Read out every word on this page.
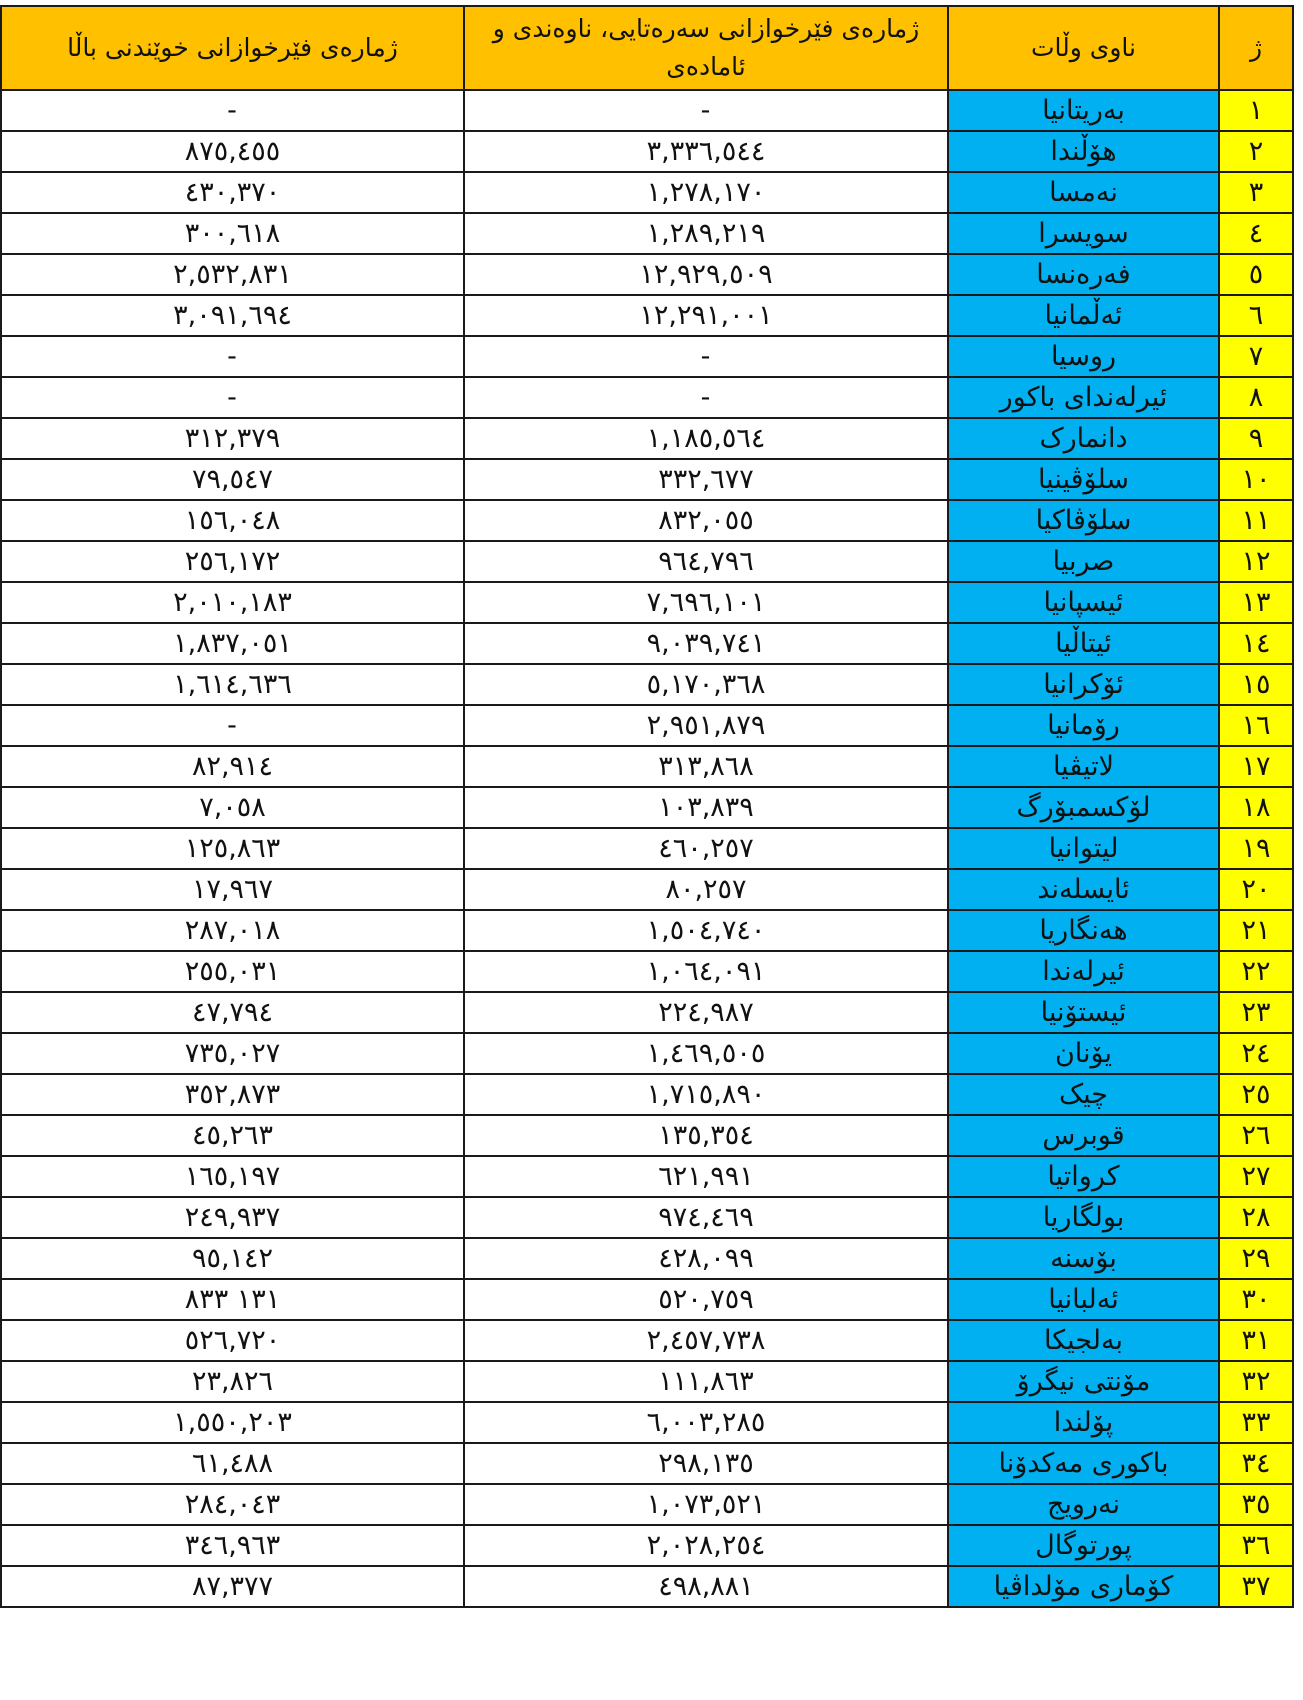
ژمارەی فێرخوازانی خوێندنی باڵا	ژمارەی فێرخوازانی سەرەتایی، ناوەندی و ئامادەی	ناوی وڵات	ژ
-	-	بەریتانیا	١
٨٧٥,٤٥٥	٣,٣٣٦,٥٤٤	هۆڵندا	٢
٤٣٠,٣٧٠	١,٢٧٨,١٧٠	نەمسا	٣
٣٠٠,٦١٨	١,٢٨٩,٢١٩	سویسرا	٤
٢,٥٣٢,٨٣١	١٢,٩٢٩,٥٠٩	فەرەنسا	٥
٣,٠٩١,٦٩٤	١٢,٢٩١,٠٠١	ئەڵمانیا	٦
-	-	روسیا	٧
-	-	ئیرلەندای باکور	٨
٣١٢,٣٧٩	١,١٨٥,٥٦٤	دانمارک	٩
٧٩,٥٤٧	٣٣٢,٦٧٧	سلۆڤینیا	١٠
١٥٦,٠٤٨	٨٣٢,٠٥٥	سلۆڤاکیا	١١
٢٥٦,١٧٢	٩٦٤,٧٩٦	صربیا	١٢
٢,٠١٠,١٨٣	٧,٦٩٦,١٠١	ئیسپانیا	١٣
١,٨٣٧,٠٥١	٩,٠٣٩,٧٤١	ئیتاڵیا	١٤
١,٦١٤,٦٣٦	٥,١٧٠,٣٦٨	ئۆکرانیا	١٥
-	٢,٩٥١,٨٧٩	رۆمانیا	١٦
٨٢,٩١٤	٣١٣,٨٦٨	لاتیڤیا	١٧
٧,٠٥٨	١٠٣,٨٣٩	لۆکسمبۆرگ	١٨
١٢٥,٨٦٣	٤٦٠,٢٥٧	لیتوانیا	١٩
١٧,٩٦٧	٨٠,٢٥٧	ئایسلەند	٢٠
٢٨٧,٠١٨	١,٥٠٤,٧٤٠	هەنگاریا	٢١
٢٥٥,٠٣١	١,٠٦٤,٠٩١	ئیرلەندا	٢٢
٤٧,٧٩٤	٢٢٤,٩٨٧	ئیستۆنیا	٢٣
٧٣٥,٠٢٧	١,٤٦٩,٥٠٥	یۆنان	٢٤
٣٥٢,٨٧٣	١,٧١٥,٨٩٠	چیک	٢٥
٤٥,٢٦٣	١٣٥,٣٥٤	قوبرس	٢٦
١٦٥,١٩٧	٦٢١,٩٩١	کرواتیا	٢٧
٢٤٩,٩٣٧	٩٧٤,٤٦٩	بولگاریا	٢٨
٩٥,١٤٢	٤٢٨,٠٩٩	بۆسنە	٢٩
١٣١ ٨٣٣	٥٢٠,٧٥٩	ئەلبانیا	٣٠
٥٢٦,٧٢٠	٢,٤٥٧,٧٣٨	بەلجیکا	٣١
٢٣,٨٢٦	١١١,٨٦٣	مۆنتی نیگرۆ	٣٢
١,٥٥٠,٢٠٣	٦,٠٠٣,٢٨٥	پۆلندا	٣٣
٦١,٤٨٨	٢٩٨,١٣٥	باکوری مەکدۆنا	٣٤
٢٨٤,٠٤٣	١,٠٧٣,٥٢١	نەرویج	٣٥
٣٤٦,٩٦٣	٢,٠٢٨,٢٥٤	پورتوگال	٣٦
٨٧,٣٧٧	٤٩٨,٨٨١	کۆماری مۆلداڤیا	٣٧
